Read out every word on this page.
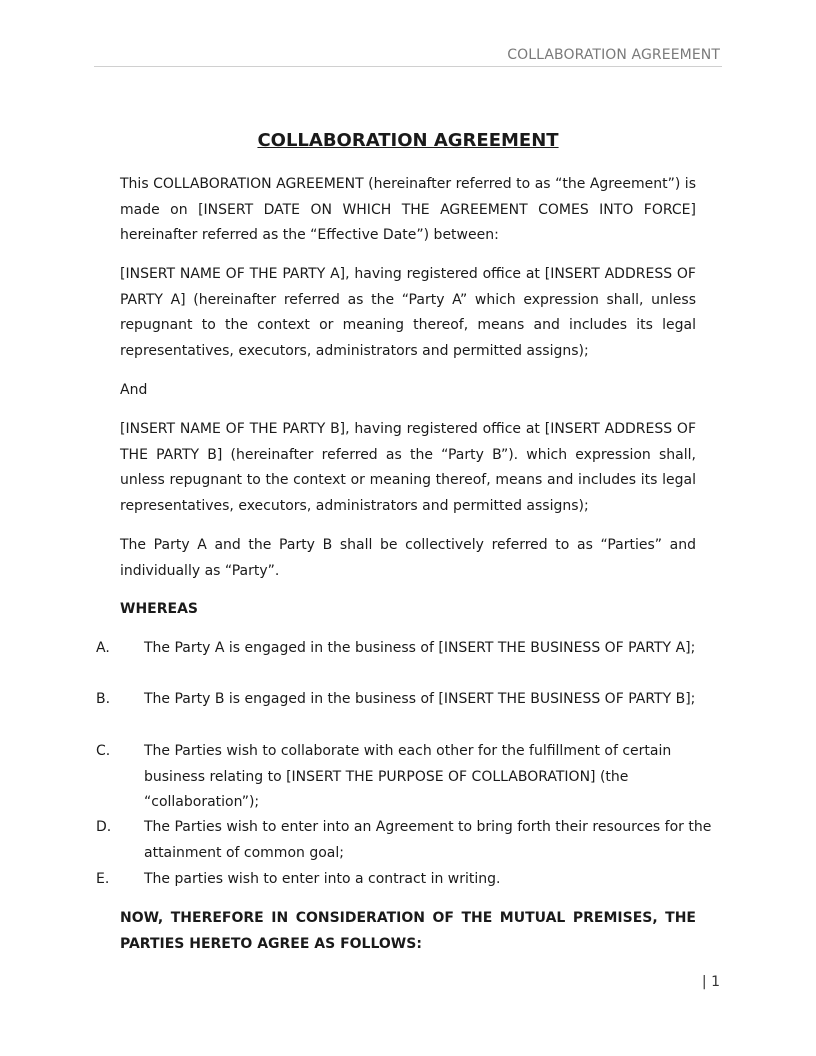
COLLABORATION AGREEMENT
COLLABORATION AGREEMENT

This COLLABORATION AGREEMENT (hereinafter referred to as “the Agreement”) is made on [INSERT DATE ON WHICH THE AGREEMENT COMES INTO FORCE] hereinafter referred as the “Effective Date”) between:

[INSERT NAME OF THE PARTY A], having registered office at [INSERT ADDRESS OF PARTY A] (hereinafter referred as the “Party A” which expression shall, unless repugnant to the context or meaning thereof, means and includes its legal representatives, executors, administrators and permitted assigns);

And

[INSERT NAME OF THE PARTY B], having registered office at [INSERT ADDRESS OF THE PARTY B] (hereinafter referred as the “Party B”). which expression shall, unless repugnant to the context or meaning thereof, means and includes its legal representatives, executors, administrators and permitted assigns);

The Party A and the Party B shall be collectively referred to as “Parties” and individually as “Party”.

WHEREAS

A. The Party A is engaged in the business of [INSERT THE BUSINESS OF PARTY A];
B. The Party B is engaged in the business of [INSERT THE BUSINESS OF PARTY B];
C. The Parties wish to collaborate with each other for the fulfillment of certain business relating to [INSERT THE PURPOSE OF COLLABORATION] (the “collaboration”);
D. The Parties wish to enter into an Agreement to bring forth their resources for the attainment of common goal;
E. The parties wish to enter into a contract in writing.

NOW, THEREFORE IN CONSIDERATION OF THE MUTUAL PREMISES, THE PARTIES HERETO AGREE AS FOLLOWS:

| 1
